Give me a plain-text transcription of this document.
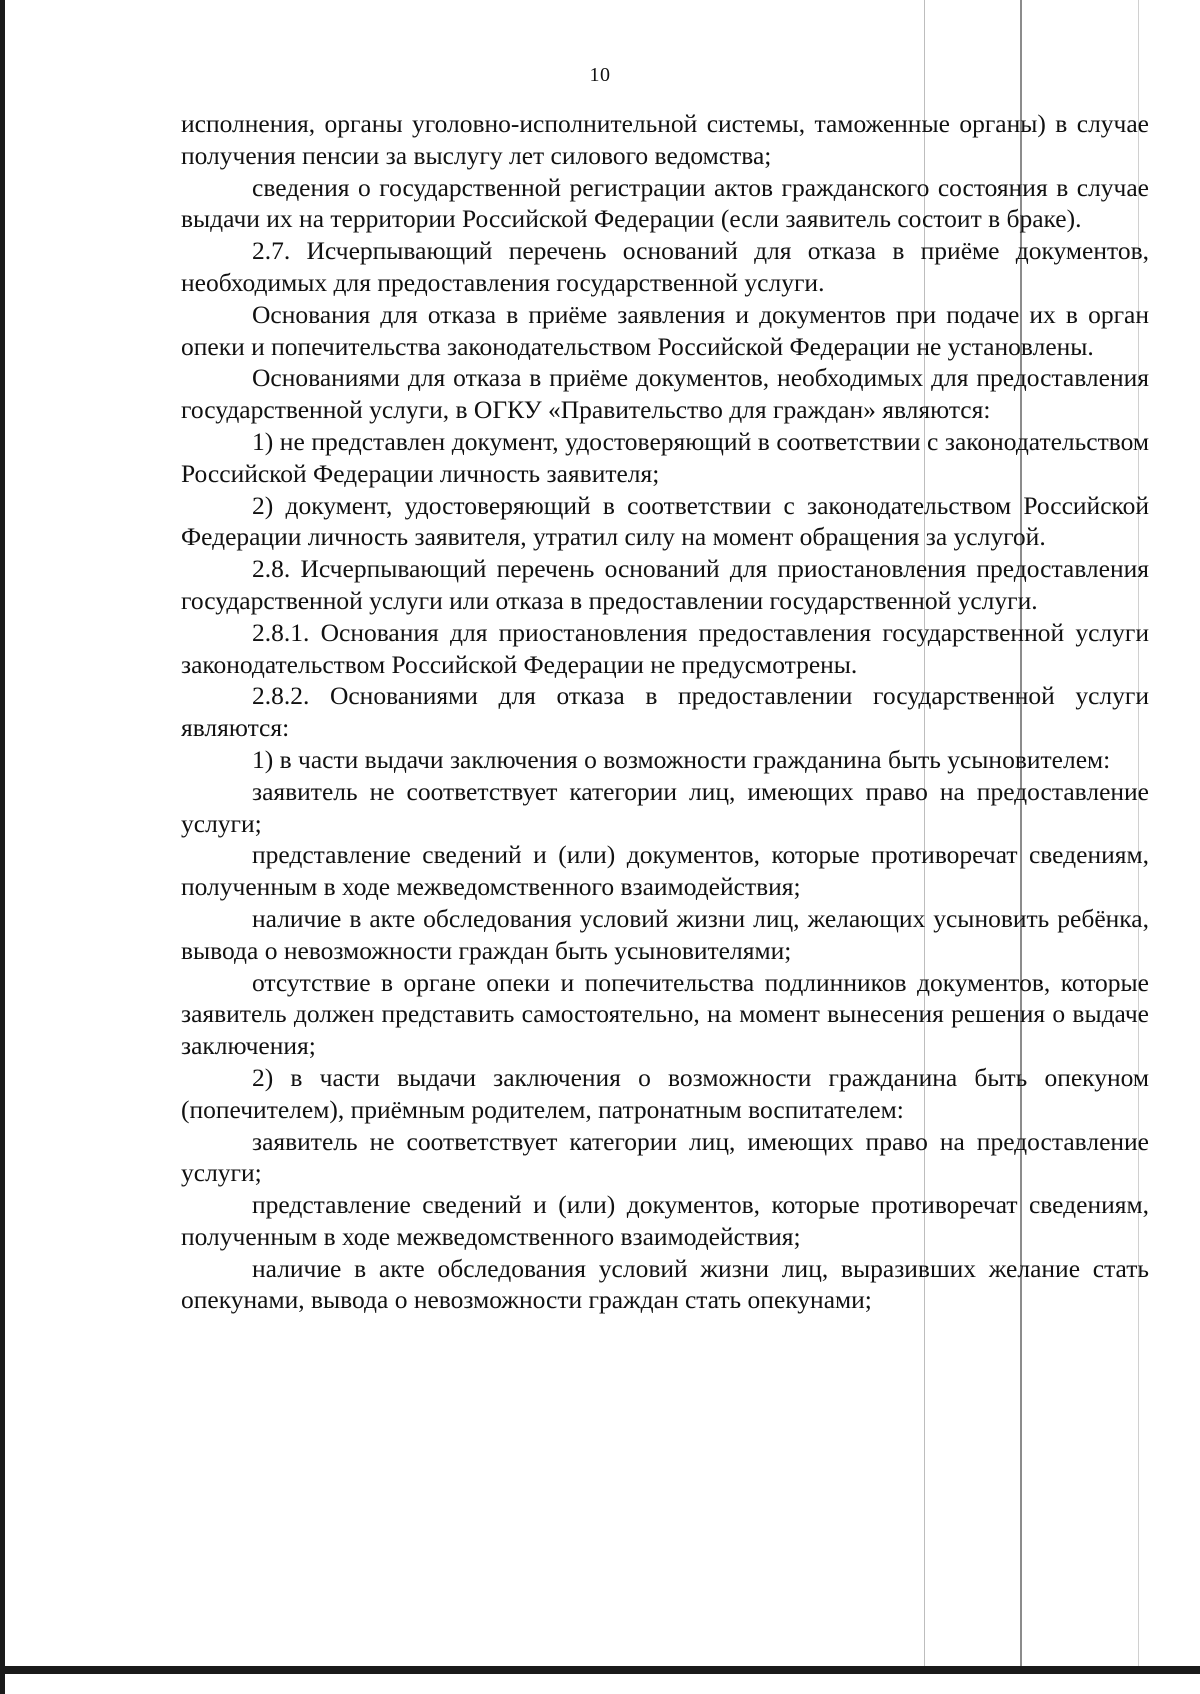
10

исполнения, органы уголовно-исполнительной системы, таможенные органы) в случае получения пенсии за выслугу лет силового ведомства;

сведения о государственной регистрации актов гражданского состояния в случае выдачи их на территории Российской Федерации (если заявитель состоит в браке).

2.7. Исчерпывающий перечень оснований для отказа в приёме документов, необходимых для предоставления государственной услуги.

Основания для отказа в приёме заявления и документов при подаче их в орган опеки и попечительства законодательством Российской Федерации не установлены.

Основаниями для отказа в приёме документов, необходимых для предоставления государственной услуги, в ОГКУ «Правительство для граждан» являются:

1) не представлен документ, удостоверяющий в соответствии с законодательством Российской Федерации личность заявителя;

2) документ, удостоверяющий в соответствии с законодательством Российской Федерации личность заявителя, утратил силу на момент обращения за услугой.

2.8. Исчерпывающий перечень оснований для приостановления предоставления государственной услуги или отказа в предоставлении государственной услуги.

2.8.1. Основания для приостановления предоставления государственной услуги законодательством Российской Федерации не предусмотрены.

2.8.2. Основаниями для отказа в предоставлении государственной услуги являются:

1) в части выдачи заключения о возможности гражданина быть усыновителем:

заявитель не соответствует категории лиц, имеющих право на предоставление услуги;

представление сведений и (или) документов, которые противоречат сведениям, полученным в ходе межведомственного взаимодействия;

наличие в акте обследования условий жизни лиц, желающих усыновить ребёнка, вывода о невозможности граждан быть усыновителями;

отсутствие в органе опеки и попечительства подлинников документов, которые заявитель должен представить самостоятельно, на момент вынесения решения о выдаче заключения;

2) в части выдачи заключения о возможности гражданина быть опекуном (попечителем), приёмным родителем, патронатным воспитателем:

заявитель не соответствует категории лиц, имеющих право на предоставление услуги;

представление сведений и (или) документов, которые противоречат сведениям, полученным в ходе межведомственного взаимодействия;

наличие в акте обследования условий жизни лиц, выразивших желание стать опекунами, вывода о невозможности граждан стать опекунами;
